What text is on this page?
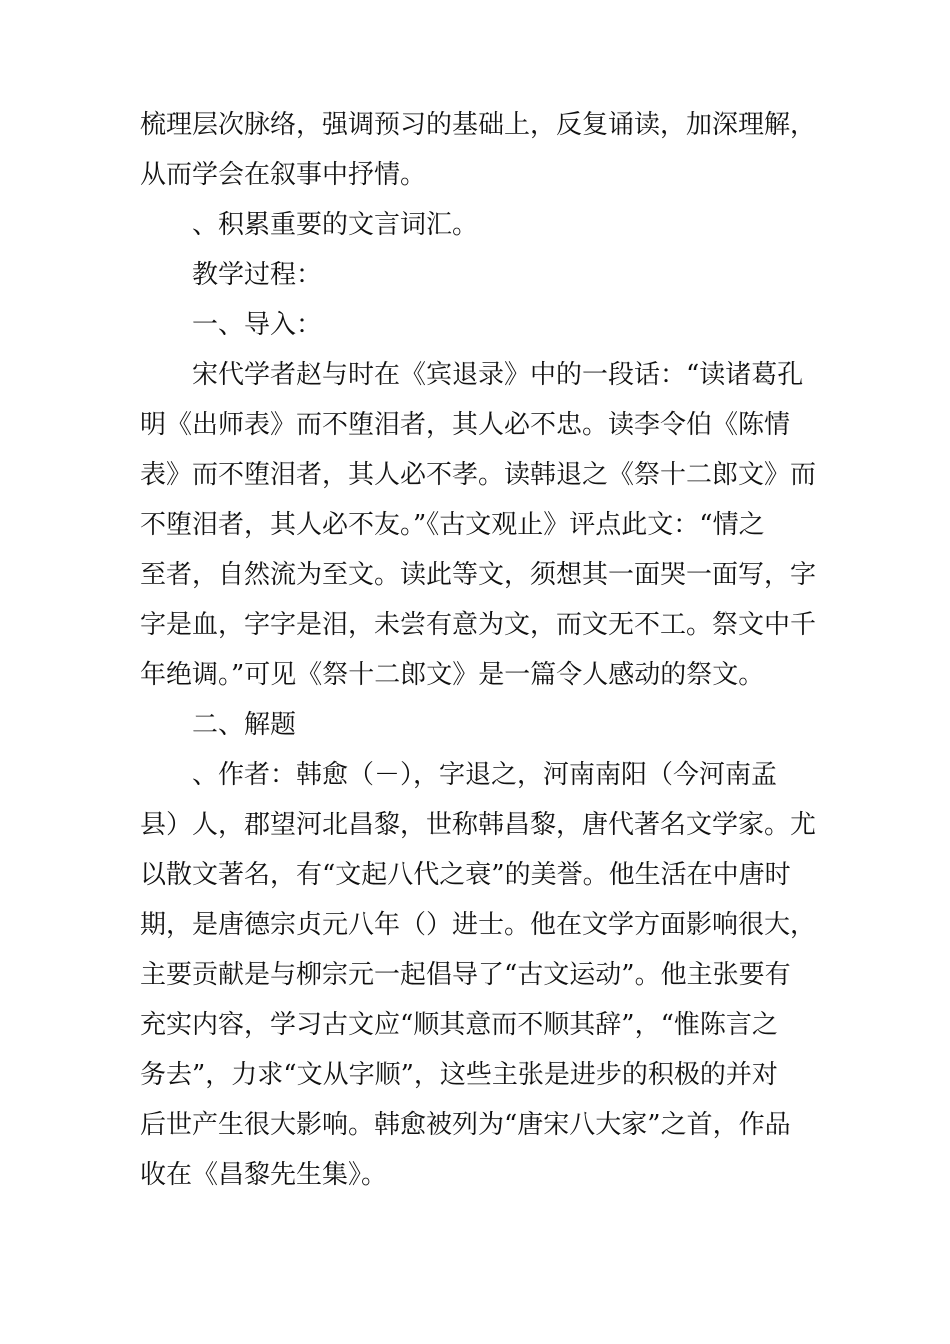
梳理层次脉络，强调预习的基础上，反复诵读，加深理解，
从而学会在叙事中抒情。
、积累重要的文言词汇。
教学过程：
一、导入：
宋代学者赵与时在《宾退录》中的一段话：“读诸葛孔
明《出师表》而不堕泪者，其人必不忠。读李令伯《陈情
表》而不堕泪者，其人必不孝。读韩退之《祭十二郎文》而
不堕泪者，其人必不友。”《古文观止》评点此文：“情之
至者，自然流为至文。读此等文，须想其一面哭一面写，字
字是血，字字是泪，未尝有意为文，而文无不工。祭文中千
年绝调。”可见《祭十二郎文》是一篇令人感动的祭文。
二、解题
、作者：韩愈（－），字退之，河南南阳（今河南孟
县）人，郡望河北昌黎，世称韩昌黎，唐代著名文学家。尤
以散文著名，有“文起八代之衰”的美誉。他生活在中唐时
期，是唐德宗贞元八年（）进士。他在文学方面影响很大，
主要贡献是与柳宗元一起倡导了“古文运动”。他主张要有
充实内容，学习古文应“顺其意而不顺其辞”，“惟陈言之
务去”，力求“文从字顺”，这些主张是进步的积极的并对
后世产生很大影响。韩愈被列为“唐宋八大家”之首，作品
收在《昌黎先生集》。
